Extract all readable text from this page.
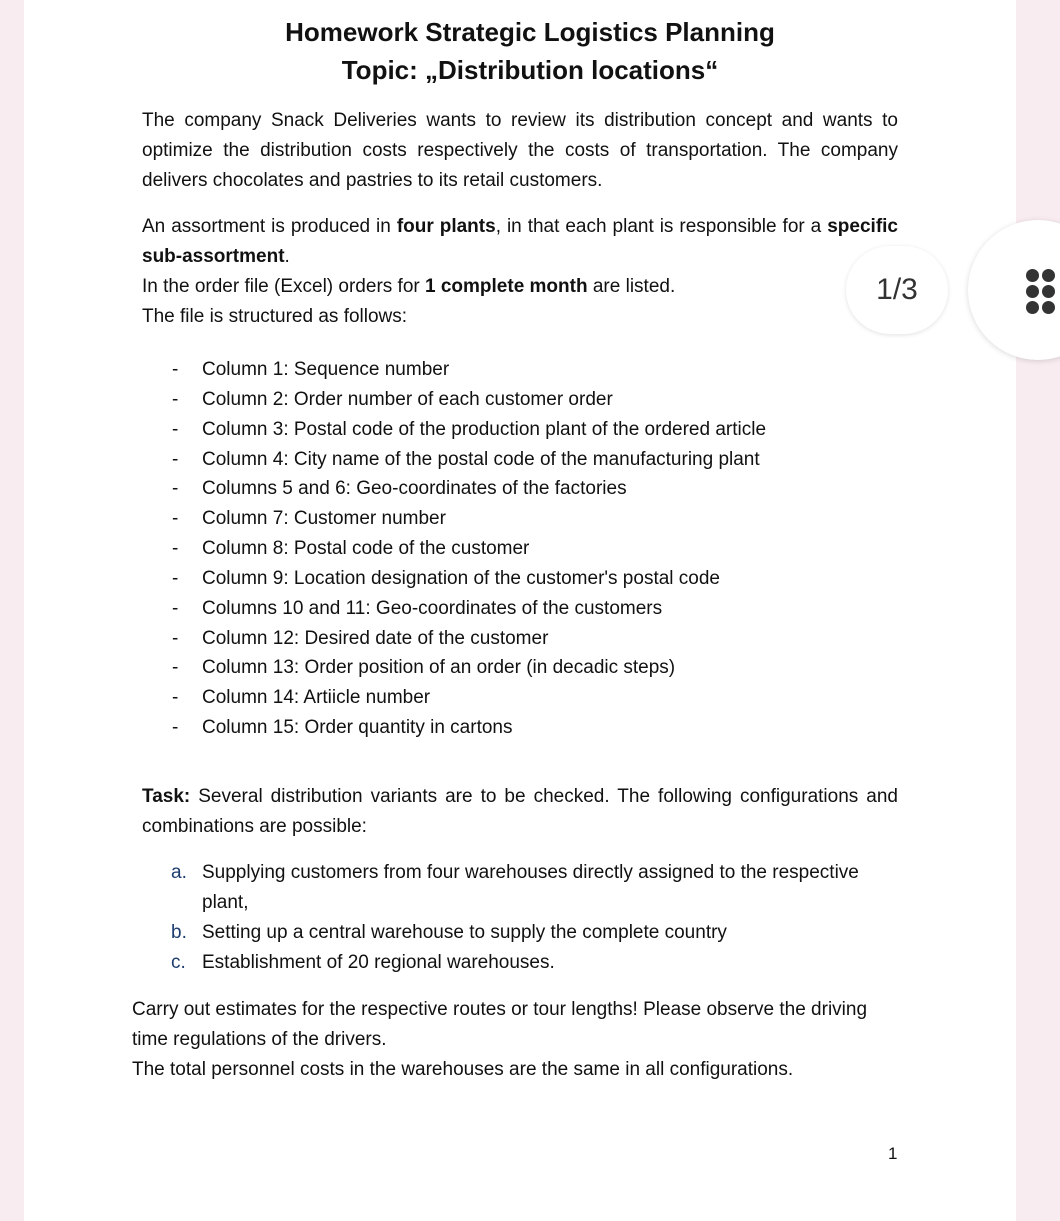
Homework Strategic Logistics Planning
Topic: „Distribution locations“
The company Snack Deliveries wants to review its distribution concept and wants to optimize the distribution costs respectively the costs of transportation. The company delivers chocolates and pastries to its retail customers.
An assortment is produced in four plants, in that each plant is responsible for a specific sub-assortment.
In the order file (Excel) orders for 1 complete month are listed.
The file is structured as follows:
- Column 1: Sequence number
- Column 2: Order number of each customer order
- Column 3: Postal code of the production plant of the ordered article
- Column 4: City name of the postal code of the manufacturing plant
- Columns 5 and 6: Geo-coordinates of the factories
- Column 7: Customer number
- Column 8: Postal code of the customer
- Column 9: Location designation of the customer's postal code
- Columns 10 and 11: Geo-coordinates of the customers
- Column 12: Desired date of the customer
- Column 13: Order position of an order (in decadic steps)
- Column 14: Artiicle number
- Column 15: Order quantity in cartons
Task: Several distribution variants are to be checked. The following configurations and combinations are possible:
a. Supplying customers from four warehouses directly assigned to the respective plant,
b. Setting up a central warehouse to supply the complete country
c. Establishment of 20 regional warehouses.
Carry out estimates for the respective routes or tour lengths! Please observe the driving
time regulations of the drivers.
The total personnel costs in the warehouses are the same in all configurations.
1
1/3
